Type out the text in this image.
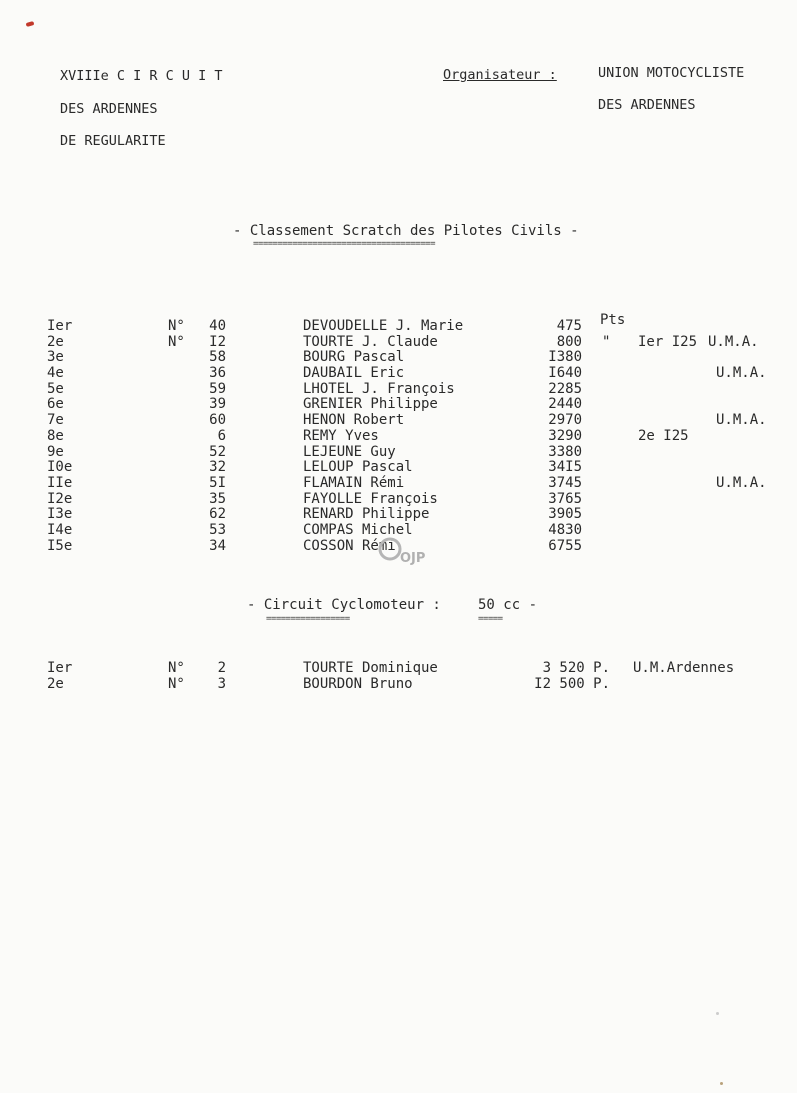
XVIIIe C I R C U I T
DES ARDENNES
DE REGULARITE
Organisateur :	UNION MOTOCYCLISTE
DES ARDENNES
- Classement Scratch des Pilotes Civils -
=====================================
Ier	N°	40	DEVOUDELLE J. Marie	475 Pts
2e	N°	I2	TOURTE J. Claude	800 " Ier I25 U.M.A.
3e	58	BOURG Pascal	I380
4e	36	DAUBAIL Eric	I640	U.M.A.
5e	59	LHOTEL J. François	2285
6e	39	GRENIER Philippe	2440
7e	60	HENON Robert	2970	U.M.A.
8e	6	REMY Yves	3290	2e I25
9e	52	LEJEUNE Guy	3380
I0e	32	LELOUP Pascal	34I5
IIe	5I	FLAMAIN Rémi	3745	U.M.A.
I2e	35	FAYOLLE François	3765
I3e	62	RENARD Philippe	3905
I4e	53	COMPAS Michel	4830
I5e	34	COSSON Rémi	6755
OJP
- Circuit Cyclomoteur :	50 cc -
=================	=====
Ier	N°	2	TOURTE Dominique	3 520 P. U.M.Ardennes
2e	N°	3	BOURDON Bruno	I2 500 P.
